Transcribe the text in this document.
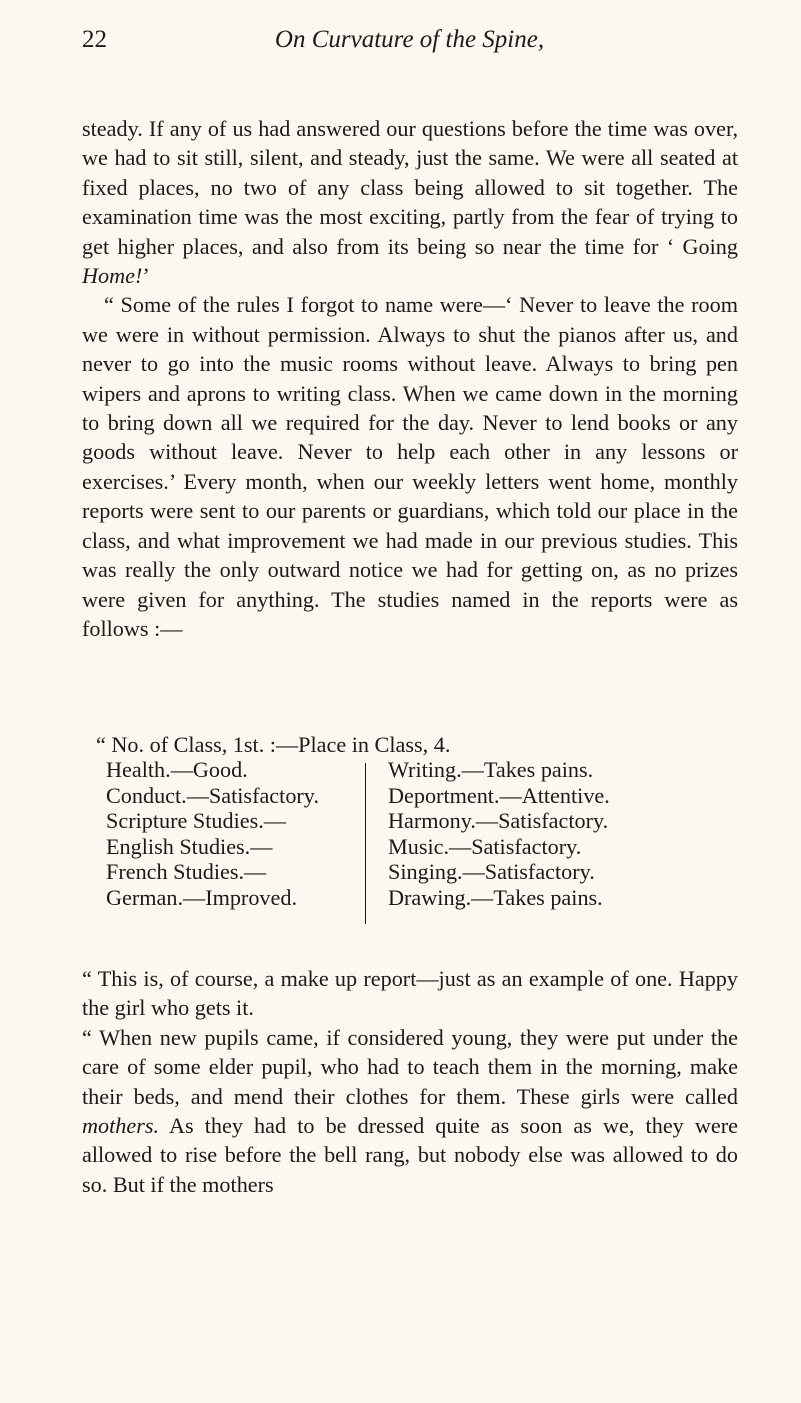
22	On Curvature of the Spine,

steady. If any of us had answered our questions before the time was over, we had to sit still, silent, and steady, just the same. We were all seated at fixed places, no two of any class being allowed to sit together. The examination time was the most exciting, partly from the fear of trying to get higher places, and also from its being so near the time for ‘ Going Home!’

“ Some of the rules I forgot to name were—‘ Never to leave the room we were in without permission. Always to shut the pianos after us, and never to go into the music rooms without leave. Always to bring pen wipers and aprons to writing class. When we came down in the morning to bring down all we required for the day. Never to lend books or any goods without leave. Never to help each other in any lessons or exercises.’ Every month, when our weekly letters went home, monthly reports were sent to our parents or guardians, which told our place in the class, and what improvement we had made in our previous studies. This was really the only outward notice we had for getting on, as no prizes were given for anything. The studies named in the reports were as follows :—

“ No. of Class, 1st. :—Place in Class, 4.
Health.—Good.
Conduct.—Satisfactory.
Scripture Studies.—
English Studies.—
French Studies.—
German.—Improved.
Writing.—Takes pains.
Deportment.—Attentive.
Harmony.—Satisfactory.
Music.—Satisfactory.
Singing.—Satisfactory.
Drawing.—Takes pains.

“ This is, of course, a make up report—just as an example of one. Happy the girl who gets it.

“ When new pupils came, if considered young, they were put under the care of some elder pupil, who had to teach them in the morning, make their beds, and mend their clothes for them. These girls were called mothers. As they had to be dressed quite as soon as we, they were allowed to rise before the bell rang, but nobody else was allowed to do so. But if the mothers
